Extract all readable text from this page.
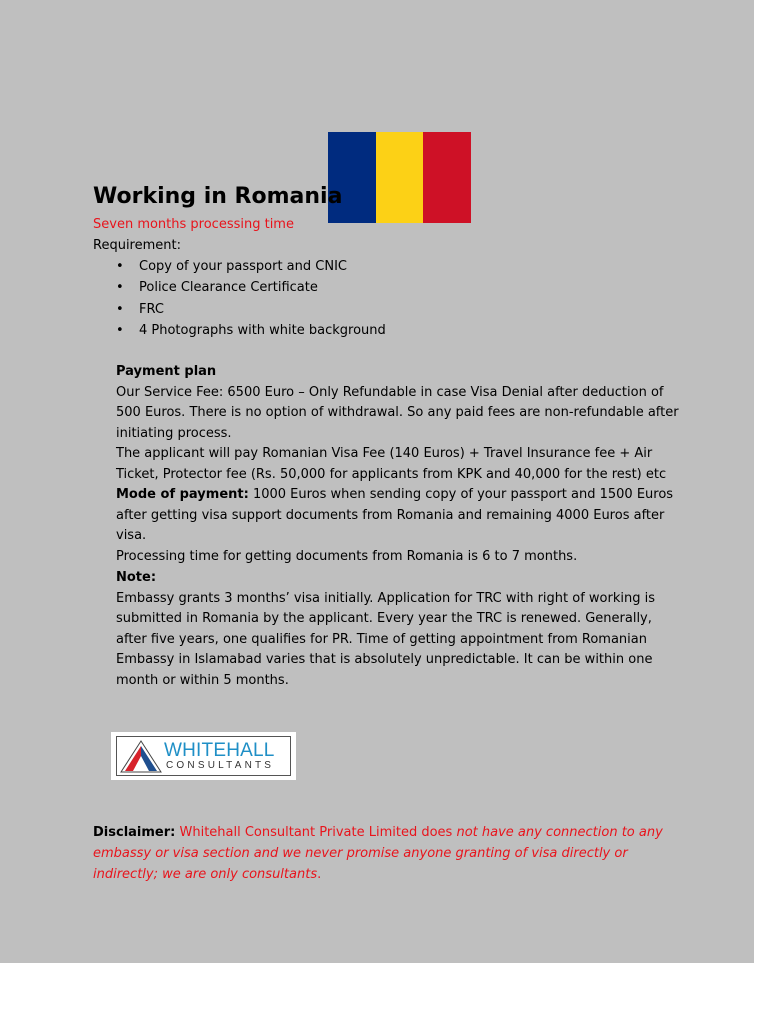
Working in Romania
Seven months processing time
Requirement:
• Copy of your passport and CNIC
• Police Clearance Certificate
• FRC
• 4 Photographs with white background

Payment plan

Our Service Fee: 6500 Euro – Only Refundable in case Visa Denial after deduction of 500 Euros. There is no option of withdrawal. So any paid fees are non-refundable after initiating process.

The applicant will pay Romanian Visa Fee (140 Euros) + Travel Insurance fee + Air Ticket, Protector fee (Rs. 50,000 for applicants from KPK and 40,000 for the rest) etc

Mode of payment: 1000 Euros when sending copy of your passport and 1500 Euros after getting visa support documents from Romania and remaining 4000 Euros after visa.

Processing time for getting documents from Romania is 6 to 7 months.

Note:

Embassy grants 3 months’ visa initially. Application for TRC with right of working is submitted in Romania by the applicant. Every year the TRC is renewed. Generally, after five years, one qualifies for PR. Time of getting appointment from Romanian Embassy in Islamabad varies that is absolutely unpredictable. It can be within one month or within 5 months.

WHITEHALL
CONSULTANTS
Disclaimer: Whitehall Consultant Private Limited does not have any connection to any embassy or visa section and we never promise anyone granting of visa directly or indirectly; we are only consultants.
